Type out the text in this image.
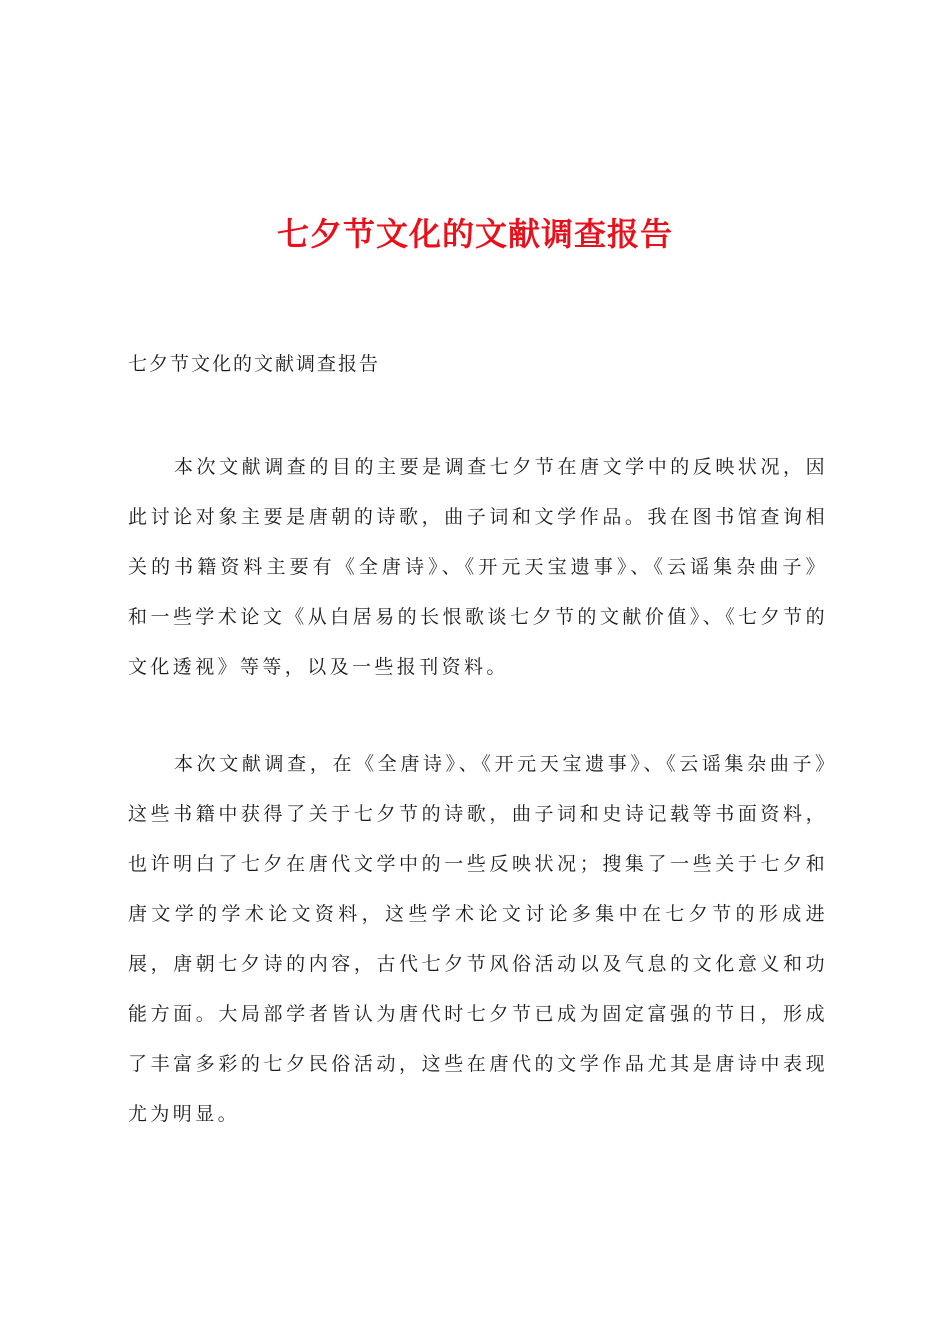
七夕节文化的文献调查报告

七夕节文化的文献调查报告

本次文献调查的目的主要是调查七夕节在唐文学中的反映状况，因此讨论对象主要是唐朝的诗歌，曲子词和文学作品。我在图书馆查询相关的书籍资料主要有《全唐诗》、《开元天宝遗事》、《云谣集杂曲子》和一些学术论文《从白居易的长恨歌谈七夕节的文献价值》、《七夕节的文化透视》等等，以及一些报刊资料。

本次文献调查，在《全唐诗》、《开元天宝遗事》、《云谣集杂曲子》这些书籍中获得了关于七夕节的诗歌，曲子词和史诗记载等书面资料，也许明白了七夕在唐代文学中的一些反映状况；搜集了一些关于七夕和唐文学的学术论文资料，这些学术论文讨论多集中在七夕节的形成进展，唐朝七夕诗的内容，古代七夕节风俗活动以及气息的文化意义和功能方面。大局部学者皆认为唐代时七夕节已成为固定富强的节日，形成了丰富多彩的七夕民俗活动，这些在唐代的文学作品尤其是唐诗中表现尤为明显。
